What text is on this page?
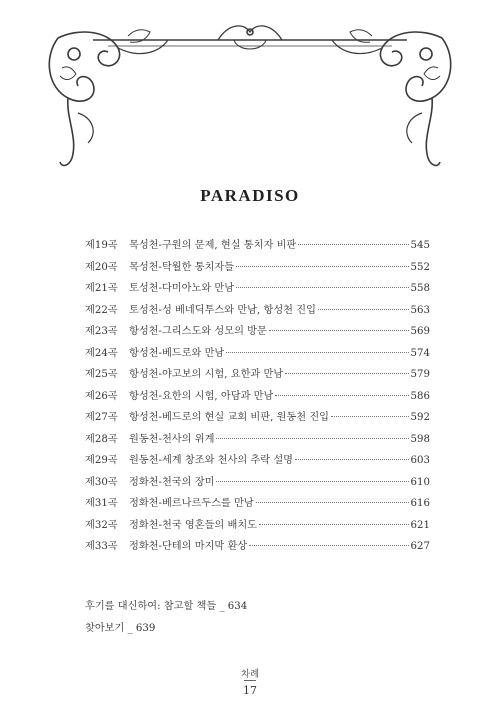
PARADISO
제19곡	목성천-구원의 문제, 현실 통치자 비판	545
제20곡	목성천-탁월한 통치자들	552
제21곡	토성천-다미아노와 만남	558
제22곡	토성천-성 베네딕투스와 만남, 항성천 진입	563
제23곡	항성천-그리스도와 성모의 방문	569
제24곡	항성천-베드로와 만남	574
제25곡	항성천-야고보의 시험, 요한과 만남	579
제26곡	항성천-요한의 시험, 아담과 만남	586
제27곡	항성천-베드로의 현실 교회 비판, 원동천 진입	592
제28곡	원동천-천사의 위계	598
제29곡	원동천-세계 창조와 천사의 추락 설명	603
제30곡	정화천-천국의 장미	610
제31곡	정화천-베르나르두스를 만남	616
제32곡	정화천-천국 영혼들의 배치도	621
제33곡	정화천-단테의 마지막 환상	627
후기를 대신하여: 참고할 책들 _ 634
찾아보기 _ 639
차례
17
